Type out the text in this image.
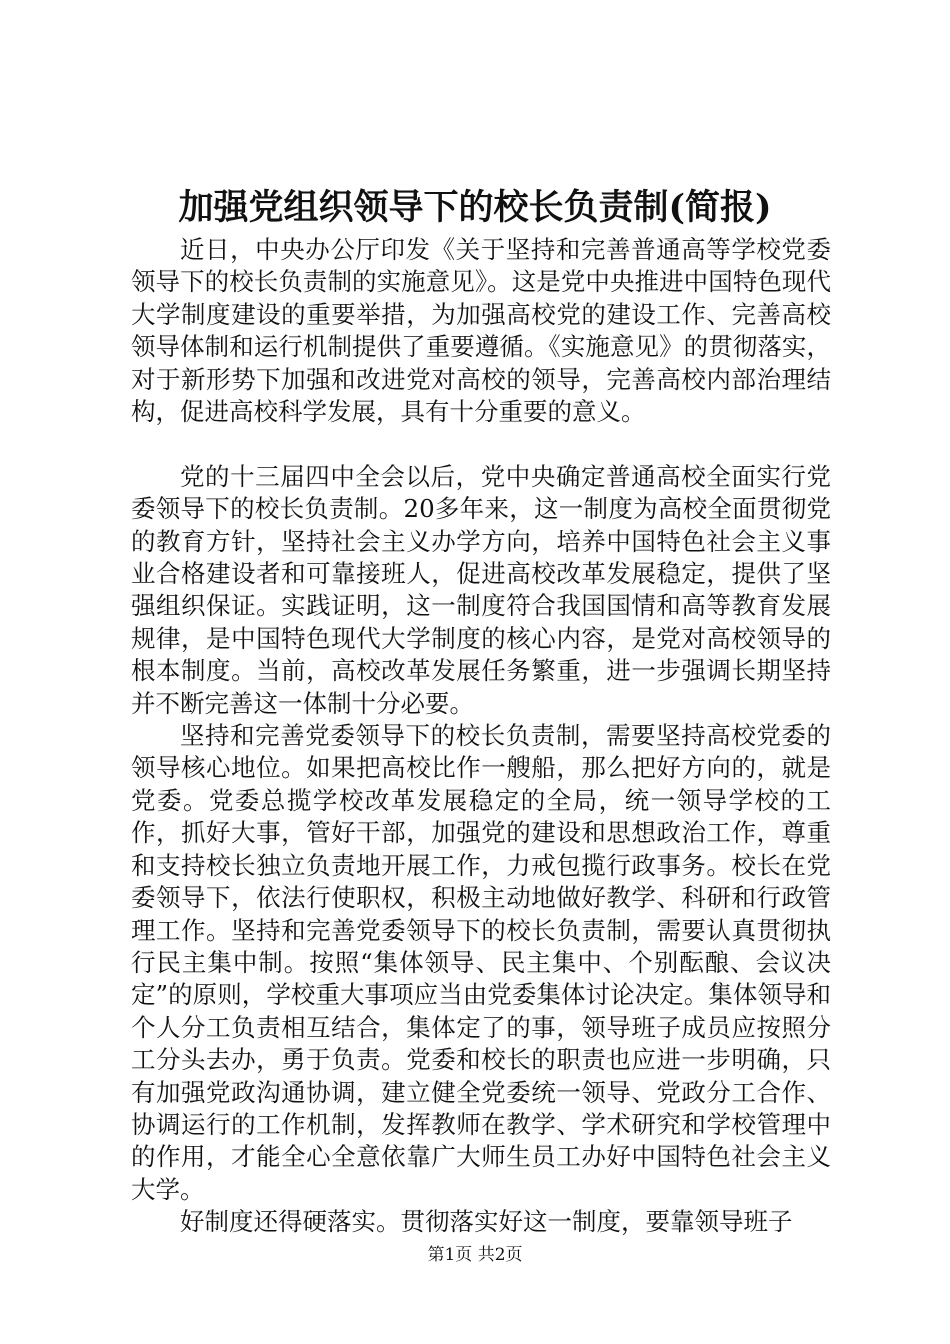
加强党组织领导下的校长负责制(简报)

近日，中央办公厅印发《关于坚持和完善普通高等学校党委领导下的校长负责制的实施意见》。这是党中央推进中国特色现代大学制度建设的重要举措，为加强高校党的建设工作、完善高校领导体制和运行机制提供了重要遵循。《实施意见》的贯彻落实，对于新形势下加强和改进党对高校的领导，完善高校内部治理结构，促进高校科学发展，具有十分重要的意义。

党的十三届四中全会以后，党中央确定普通高校全面实行党委领导下的校长负责制。20多年来，这一制度为高校全面贯彻党的教育方针，坚持社会主义办学方向，培养中国特色社会主义事业合格建设者和可靠接班人，促进高校改革发展稳定，提供了坚强组织保证。实践证明，这一制度符合我国国情和高等教育发展规律，是中国特色现代大学制度的核心内容，是党对高校领导的根本制度。当前，高校改革发展任务繁重，进一步强调长期坚持并不断完善这一体制十分必要。

坚持和完善党委领导下的校长负责制，需要坚持高校党委的领导核心地位。如果把高校比作一艘船，那么把好方向的，就是党委。党委总揽学校改革发展稳定的全局，统一领导学校的工作，抓好大事，管好干部，加强党的建设和思想政治工作，尊重和支持校长独立负责地开展工作，力戒包揽行政事务。校长在党委领导下，依法行使职权，积极主动地做好教学、科研和行政管理工作。坚持和完善党委领导下的校长负责制，需要认真贯彻执行民主集中制。按照“集体领导、民主集中、个别酝酿、会议决定”的原则，学校重大事项应当由党委集体讨论决定。集体领导和个人分工负责相互结合，集体定了的事，领导班子成员应按照分工分头去办，勇于负责。党委和校长的职责也应进一步明确，只有加强党政沟通协调，建立健全党委统一领导、党政分工合作、协调运行的工作机制，发挥教师在教学、学术研究和学校管理中的作用，才能全心全意依靠广大师生员工办好中国特色社会主义大学。

好制度还得硬落实。贯彻落实好这一制度，要靠领导班子

第1页 共2页
